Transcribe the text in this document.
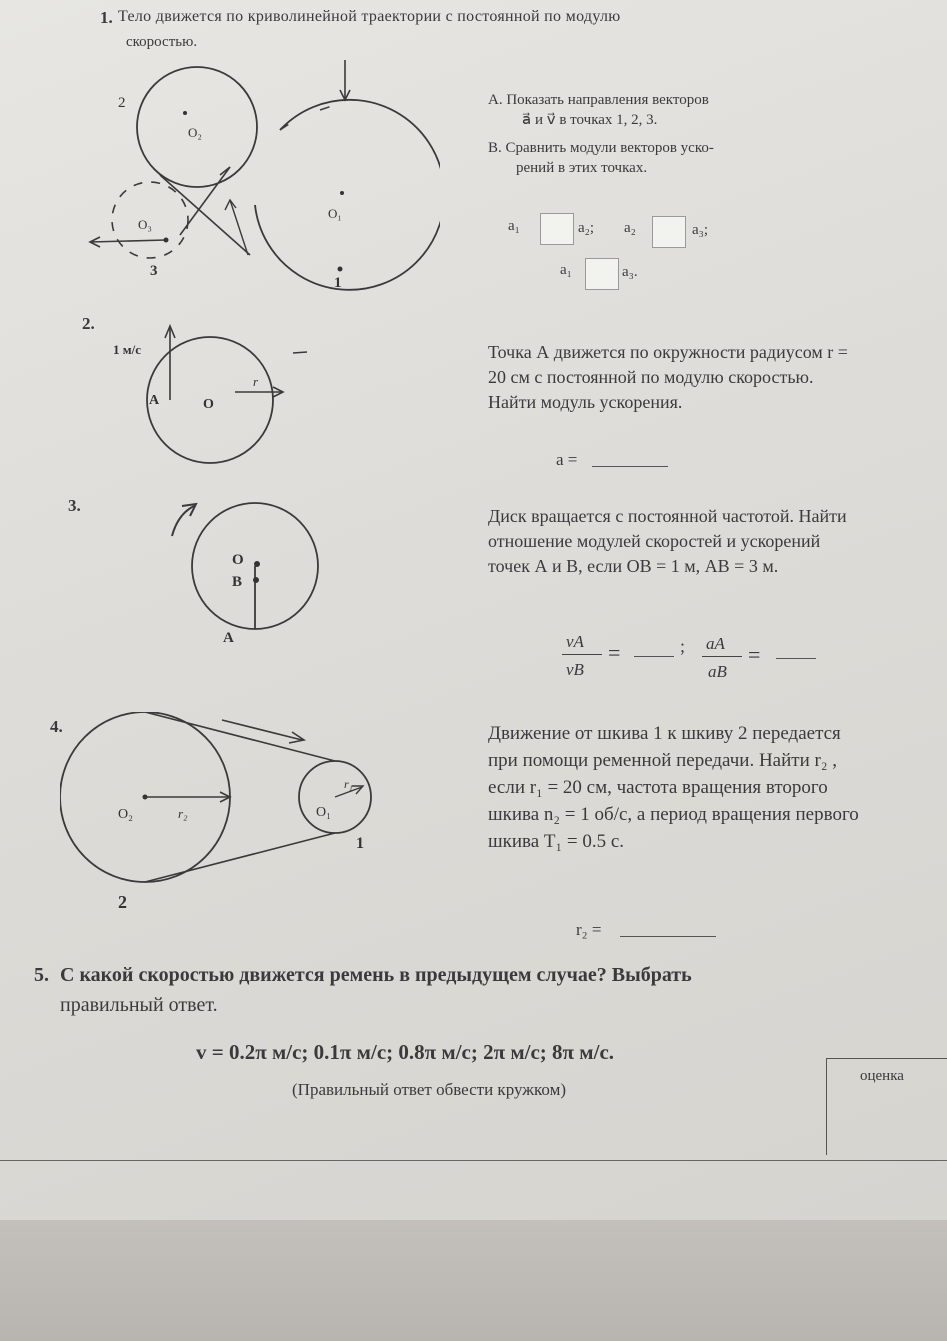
1. Тело движется по криволинейной траектории с постоянной по модулю
скоростью.
2
O₂
O₁
O₃
3
1
А. Показать направления векторов
a⃗ и v⃗ в точках 1, 2, 3.
В. Сравнить модули векторов уско-
рений в этих точках.
a₁	a₂; a₂	a₃;
a₁	a₃.
2.
1 м/с
A	O
r
Точка А движется по окружности радиусом r = 20 см с постоянной по модулю скоростью. Найти модуль ускорения.
a =
3.
O
B
A
Диск вращается с постоянной частотой. Найти отношение модулей скоростей и ускорений точек А и В, если ОВ = 1 м, АВ = 3 м.
vA
vB
=	; aA
aB
=
4.
O₂	r₂	O₁
r₁
1
2
Движение от шкива 1 к шкиву 2 передается при помощи ременной передачи. Найти r₂ , если r₁ = 20 см, частота вращения второго шкива n₂ = 1 об/с, а период вращения первого шкива T₁ = 0.5 с.
r₂ =
5. С какой скоростью движется ремень в предыдущем случае? Выбрать
правильный ответ.
v = 0.2π м/с; 0.1π м/с; 0.8π м/с; 2π м/с; 8π м/с.
(Правильный ответ обвести кружком)
оценка
